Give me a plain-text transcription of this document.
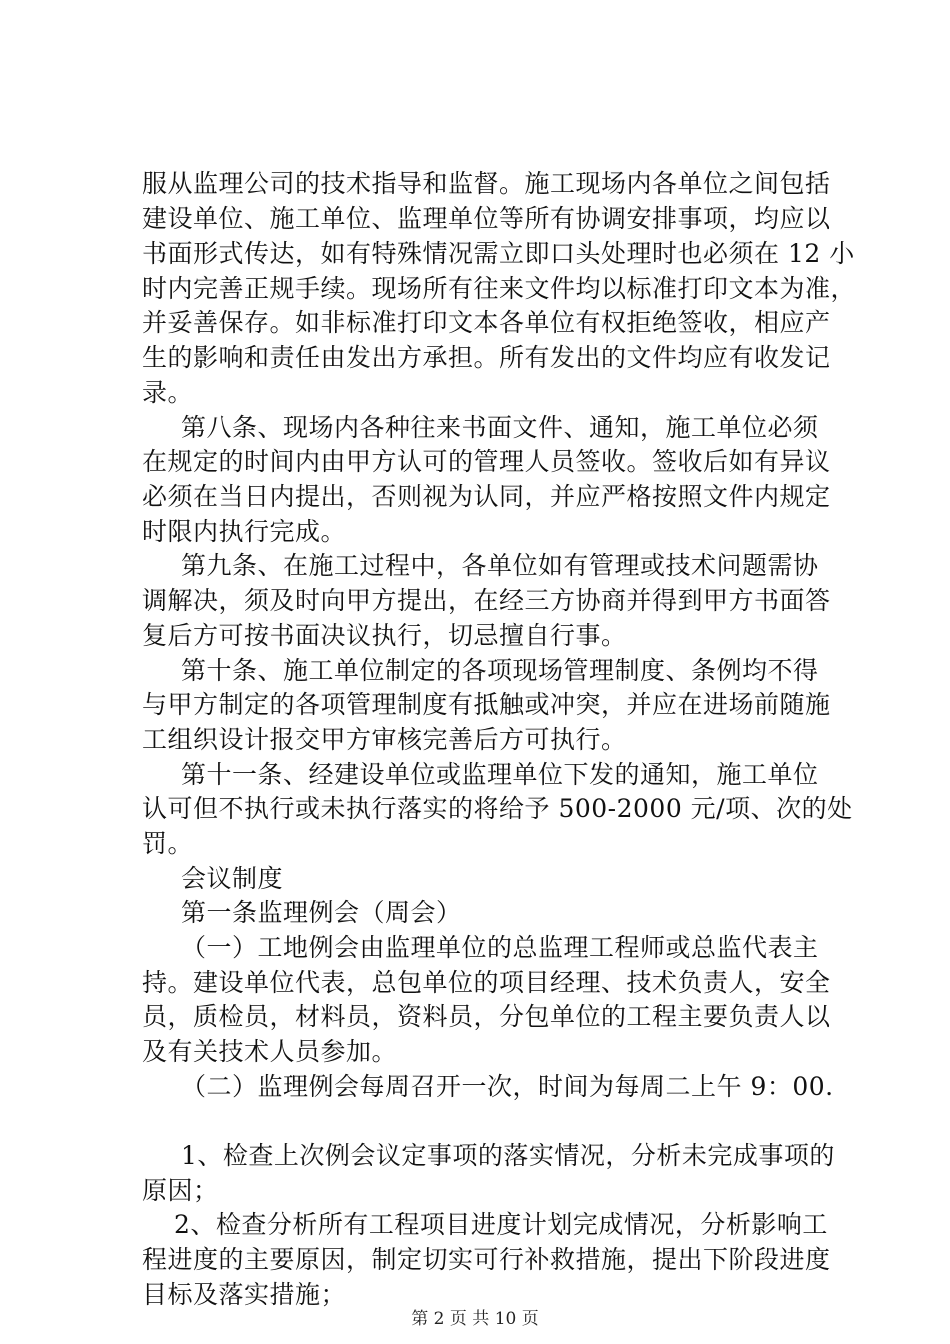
服从监理公司的技术指导和监督。施工现场内各单位之间包括
建设单位、施工单位、监理单位等所有协调安排事项，均应以
书面形式传达，如有特殊情况需立即口头处理时也必须在 12 小
时内完善正规手续。现场所有往来文件均以标准打印文本为准，
并妥善保存。如非标准打印文本各单位有权拒绝签收，相应产
生的影响和责任由发出方承担。所有发出的文件均应有收发记
录。
第八条、现场内各种往来书面文件、通知，施工单位必须
在规定的时间内由甲方认可的管理人员签收。签收后如有异议
必须在当日内提出，否则视为认同，并应严格按照文件内规定
时限内执行完成。
第九条、在施工过程中，各单位如有管理或技术问题需协
调解决，须及时向甲方提出，在经三方协商并得到甲方书面答
复后方可按书面决议执行，切忌擅自行事。
第十条、施工单位制定的各项现场管理制度、条例均不得
与甲方制定的各项管理制度有抵触或冲突，并应在进场前随施
工组织设计报交甲方审核完善后方可执行。
第十一条、经建设单位或监理单位下发的通知，施工单位
认可但不执行或未执行落实的将给予 500-2000 元/项、次的处
罚。
会议制度
第一条监理例会（周会）
（一）工地例会由监理单位的总监理工程师或总监代表主
持。建设单位代表，总包单位的项目经理、技术负责人，安全
员，质检员，材料员，资料员，分包单位的工程主要负责人以
及有关技术人员参加。
（二）监理例会每周召开一次，时间为每周二上午 9：00.
1、检查上次例会议定事项的落实情况，分析未完成事项的
原因；
2、检查分析所有工程项目进度计划完成情况，分析影响工
程进度的主要原因，制定切实可行补救措施，提出下阶段进度
目标及落实措施；
第 2 页 共 10 页
